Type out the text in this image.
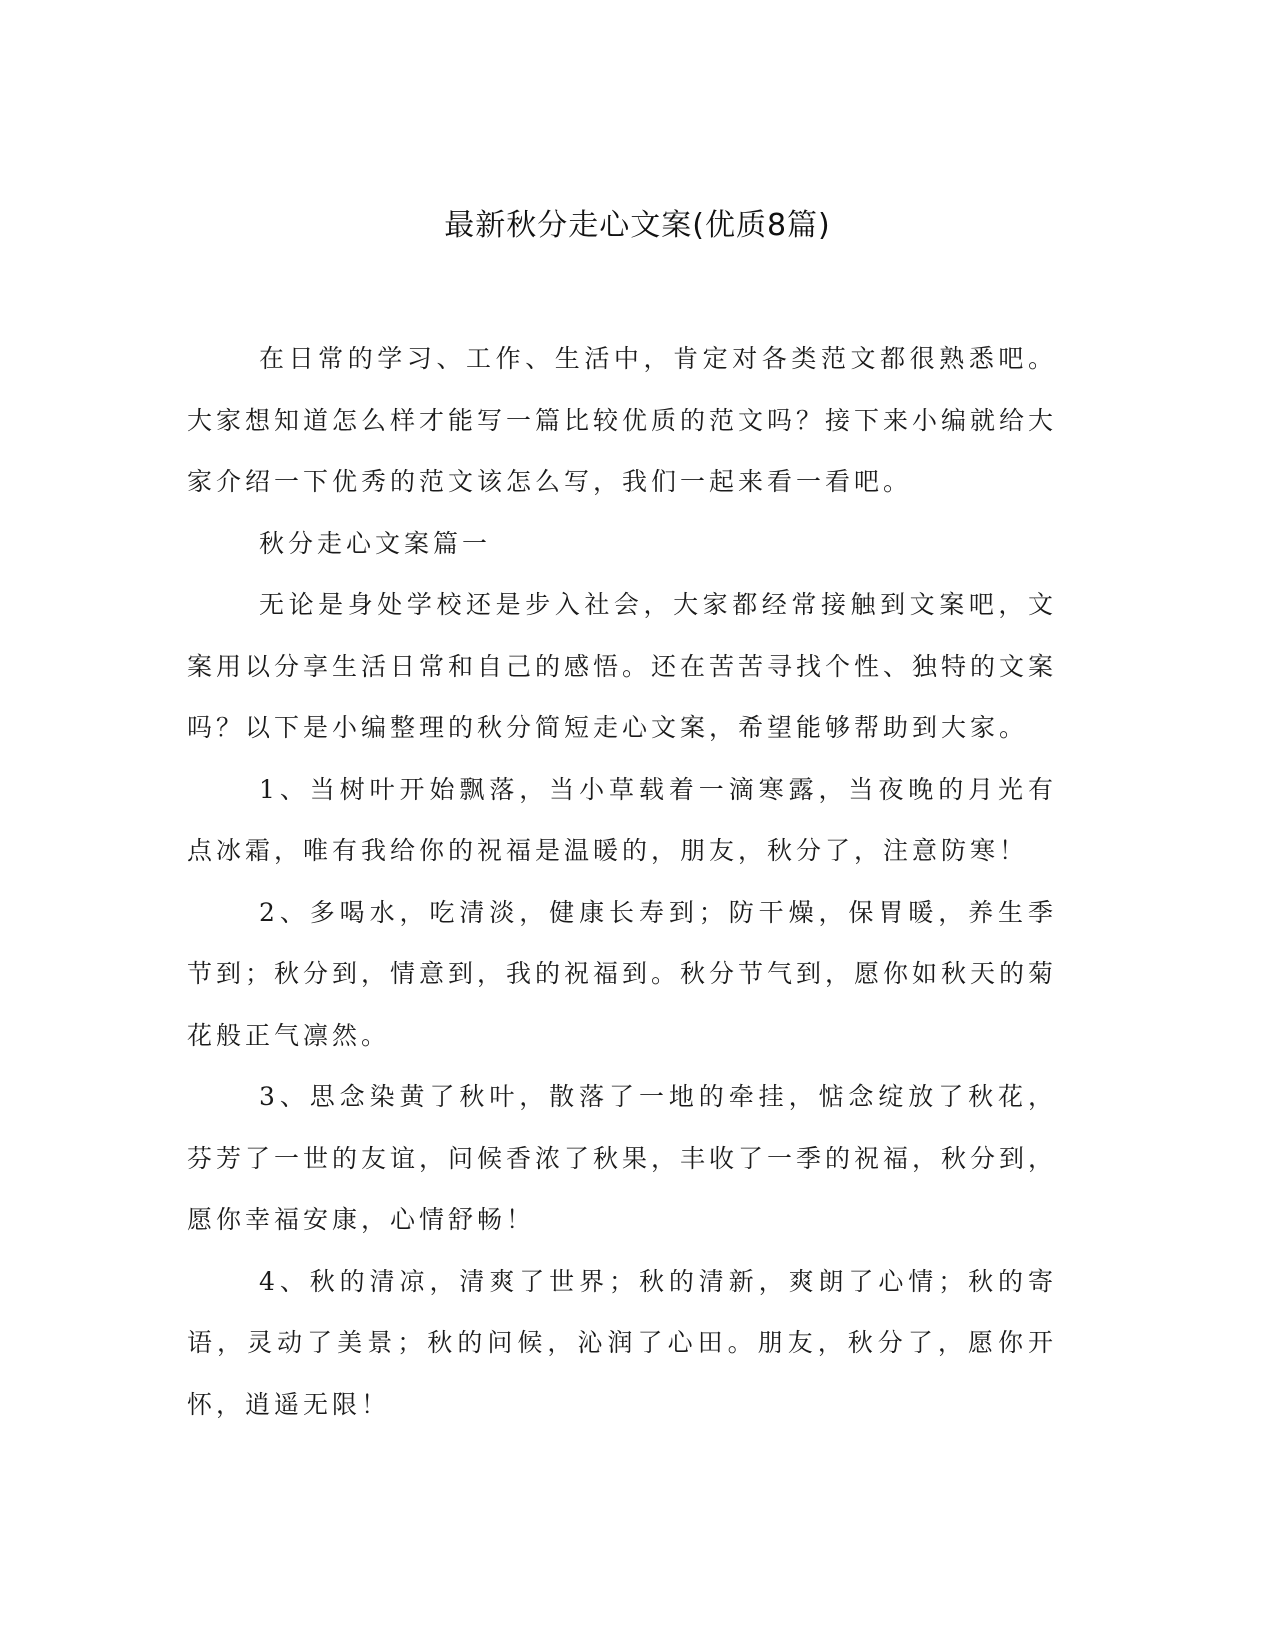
最新秋分走心文案(优质8篇)

在日常的学习、工作、生活中，肯定对各类范文都很熟悉吧。大家想知道怎么样才能写一篇比较优质的范文吗？接下来小编就给大家介绍一下优秀的范文该怎么写，我们一起来看一看吧。

秋分走心文案篇一

无论是身处学校还是步入社会，大家都经常接触到文案吧，文案用以分享生活日常和自己的感悟。还在苦苦寻找个性、独特的文案吗？以下是小编整理的秋分简短走心文案，希望能够帮助到大家。

1、当树叶开始飘落，当小草载着一滴寒露，当夜晚的月光有点冰霜，唯有我给你的祝福是温暖的，朋友，秋分了，注意防寒！

2、多喝水，吃清淡，健康长寿到；防干燥，保胃暖，养生季节到；秋分到，情意到，我的祝福到。秋分节气到，愿你如秋天的菊花般正气凛然。

3、思念染黄了秋叶，散落了一地的牵挂，惦念绽放了秋花，芬芳了一世的友谊，问候香浓了秋果，丰收了一季的祝福，秋分到，愿你幸福安康，心情舒畅！

4、秋的清凉，清爽了世界；秋的清新，爽朗了心情；秋的寄语，灵动了美景；秋的问候，沁润了心田。朋友，秋分了，愿你开怀，逍遥无限！
